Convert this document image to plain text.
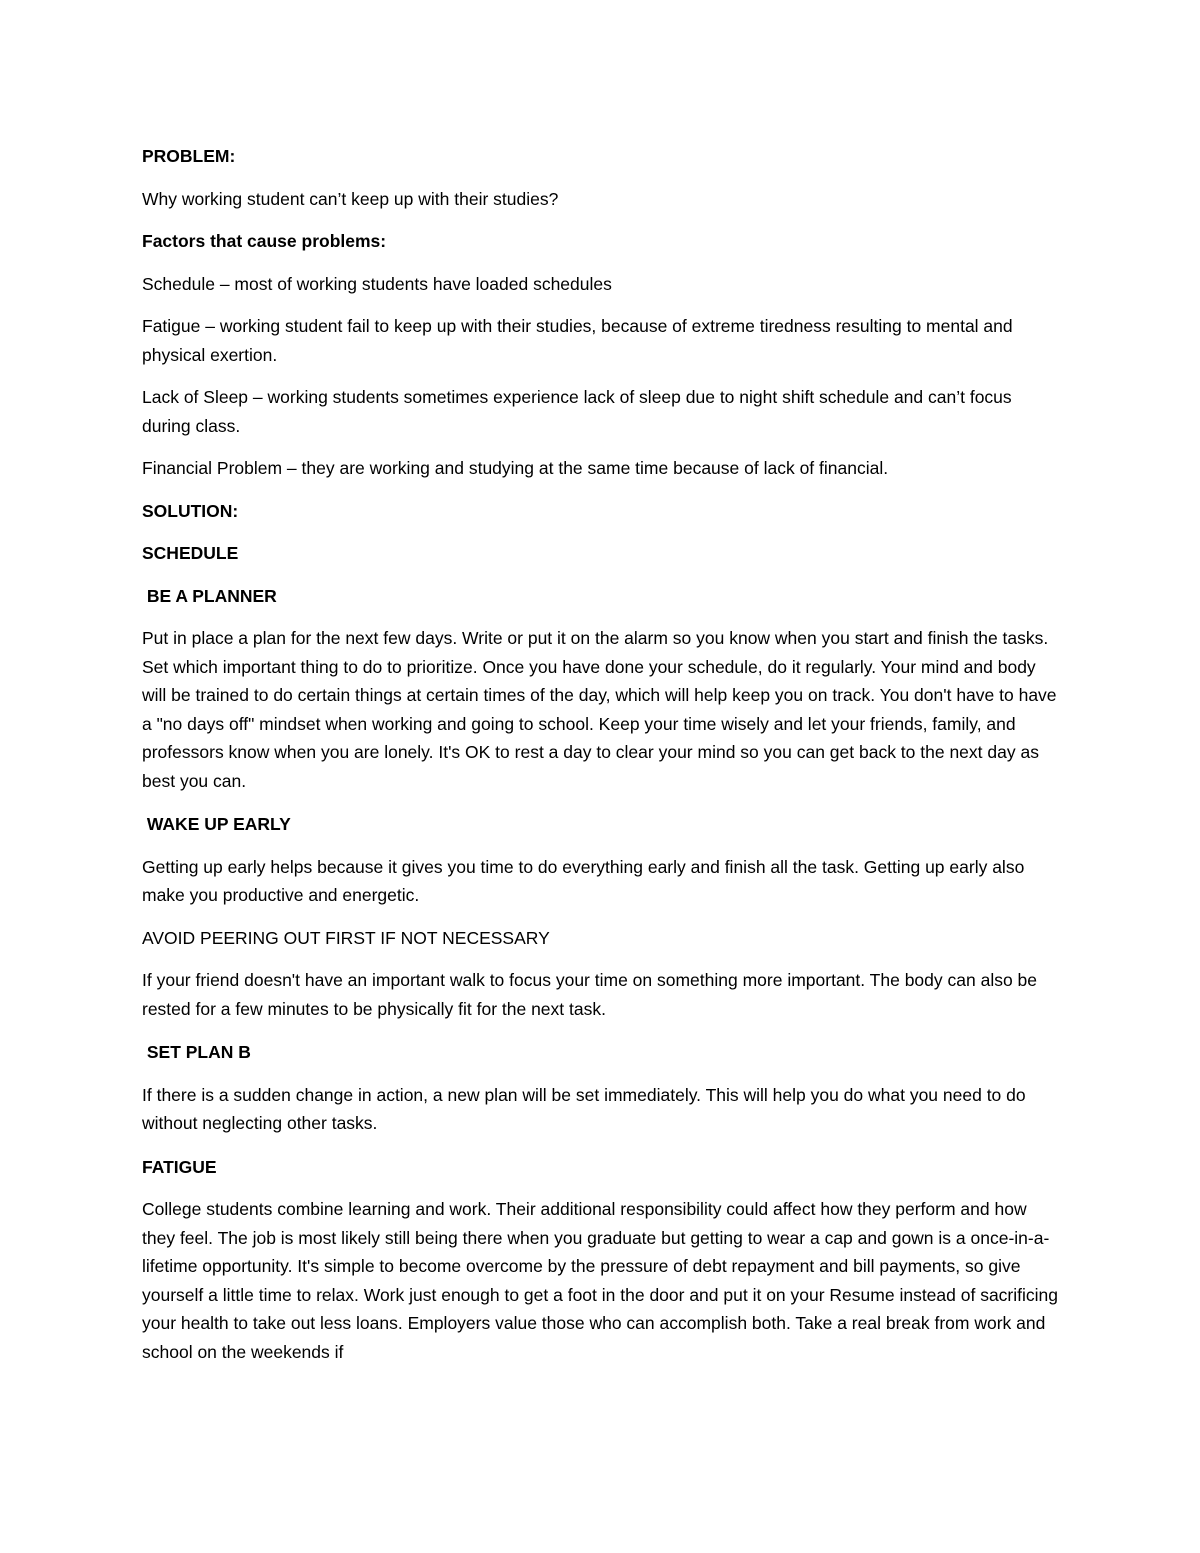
PROBLEM:

Why working student can’t keep up with their studies?

Factors that cause problems:

Schedule – most of working students have loaded schedules

Fatigue – working student fail to keep up with their studies, because of extreme tiredness resulting to mental and physical exertion.

Lack of Sleep – working students sometimes experience lack of sleep due to night shift schedule and can’t focus during class.

Financial Problem – they are working and studying at the same time because of lack of financial.

SOLUTION:

SCHEDULE

BE A PLANNER

Put in place a plan for the next few days. Write or put it on the alarm so you know when you start and finish the tasks. Set which important thing to do to prioritize. Once you have done your schedule, do it regularly. Your mind and body will be trained to do certain things at certain times of the day, which will help keep you on track. You don't have to have a "no days off" mindset when working and going to school. Keep your time wisely and let your friends, family, and professors know when you are lonely. It's OK to rest a day to clear your mind so you can get back to the next day as best you can.

WAKE UP EARLY

Getting up early helps because it gives you time to do everything early and finish all the task. Getting up early also make you productive and energetic.

AVOID PEERING OUT FIRST IF NOT NECESSARY

If your friend doesn't have an important walk to focus your time on something more important. The body can also be rested for a few minutes to be physically fit for the next task.

SET PLAN B

If there is a sudden change in action, a new plan will be set immediately. This will help you do what you need to do without neglecting other tasks.

FATIGUE

College students combine learning and work. Their additional responsibility could affect how they perform and how they feel. The job is most likely still being there when you graduate but getting to wear a cap and gown is a once-in-a-lifetime opportunity. It's simple to become overcome by the pressure of debt repayment and bill payments, so give yourself a little time to relax. Work just enough to get a foot in the door and put it on your Resume instead of sacrificing your health to take out less loans. Employers value those who can accomplish both. Take a real break from work and school on the weekends if
